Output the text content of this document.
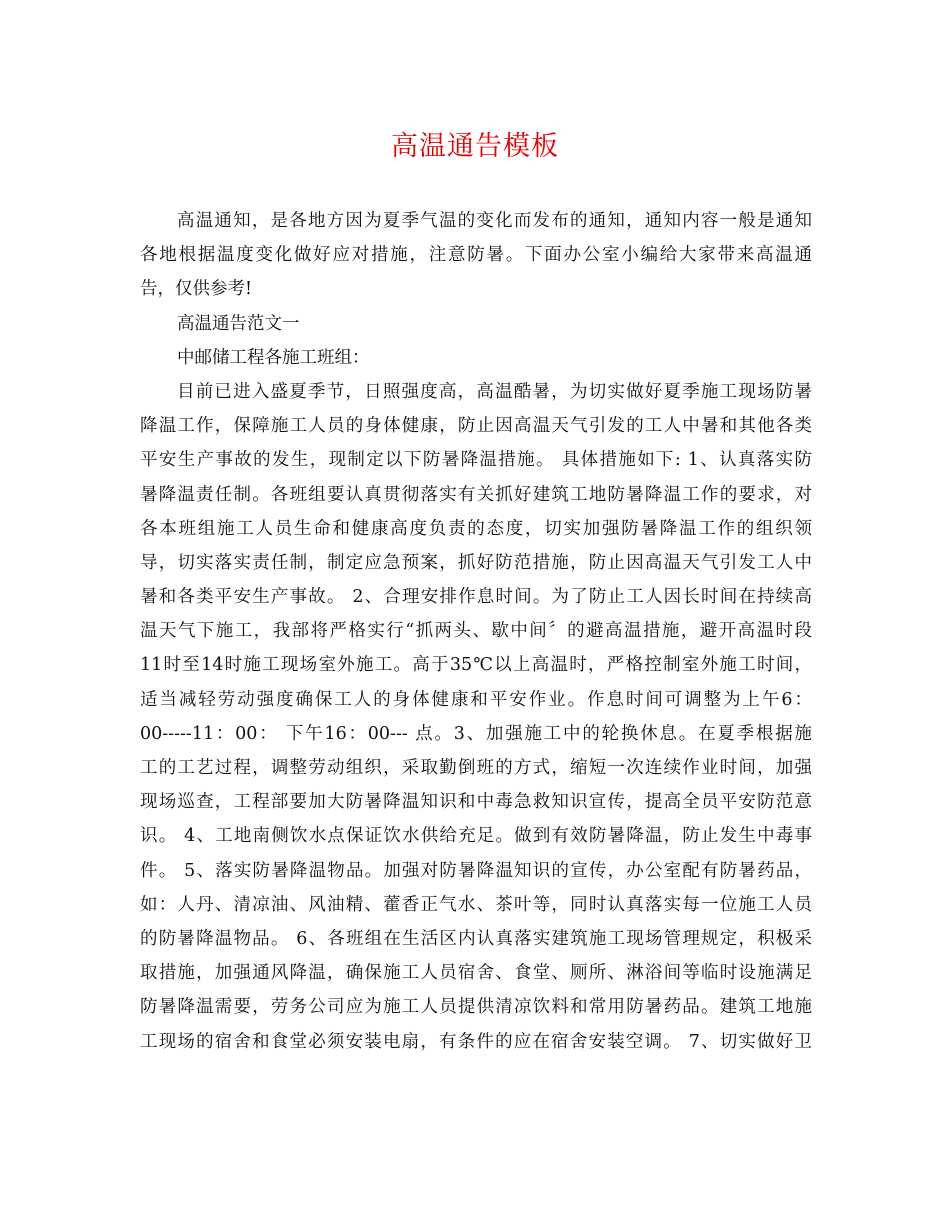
高温通告模板
高温通知，是各地方因为夏季气温的变化而发布的通知，通知内容一般是通知
各地根据温度变化做好应对措施，注意防暑。下面办公室小编给大家带来高温通
告，仅供参考!
高温通告范文一
中邮储工程各施工班组：
目前已进入盛夏季节，日照强度高，高温酷暑，为切实做好夏季施工现场防暑
降温工作，保障施工人员的身体健康，防止因高温天气引发的工人中暑和其他各类
平安生产事故的发生，现制定以下防暑降温措施。 具体措施如下: 1、认真落实防
暑降温责任制。各班组要认真贯彻落实有关抓好建筑工地防暑降温工作的要求，对
各本班组施工人员生命和健康高度负责的态度，切实加强防暑降温工作的组织领
导，切实落实责任制，制定应急预案，抓好防范措施，防止因高温天气引发工人中
暑和各类平安生产事故。 2、合理安排作息时间。为了防止工人因长时间在持续高
温天气下施工，我部将严格实行“抓两头、歇中间〞的避高温措施，避开高温时段
11时至14时施工现场室外施工。高于35℃以上高温时，严格控制室外施工时间，
适当减轻劳动强度确保工人的身体健康和平安作业。作息时间可调整为上午6：
00-----11：00： 下午16：00--- 点。3、加强施工中的轮换休息。在夏季根据施
工的工艺过程，调整劳动组织，采取勤倒班的方式，缩短一次连续作业时间，加强
现场巡查，工程部要加大防暑降温知识和中毒急救知识宣传，提高全员平安防范意
识。 4、工地南侧饮水点保证饮水供给充足。做到有效防暑降温，防止发生中毒事
件。 5、落实防暑降温物品。加强对防暑降温知识的宣传，办公室配有防暑药品，
如：人丹、清凉油、风油精、藿香正气水、茶叶等，同时认真落实每一位施工人员
的防暑降温物品。 6、各班组在生活区内认真落实建筑施工现场管理规定，积极采
取措施，加强通风降温，确保施工人员宿舍、食堂、厕所、淋浴间等临时设施满足
防暑降温需要，劳务公司应为施工人员提供清凉饮料和常用防暑药品。建筑工地施
工现场的宿舍和食堂必须安装电扇，有条件的应在宿舍安装空调。 7、切实做好卫
